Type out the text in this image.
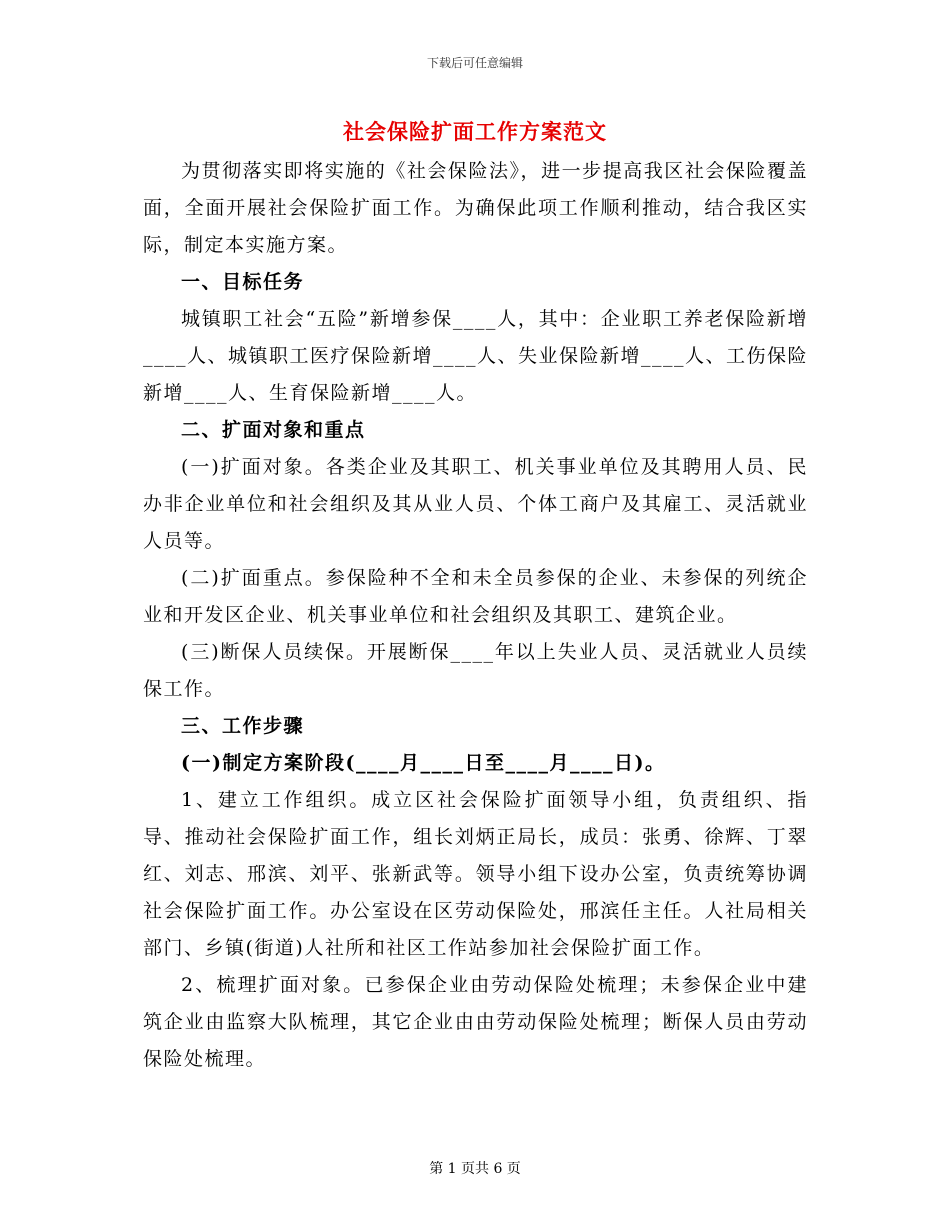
下载后可任意编辑
社会保险扩面工作方案范文

为贯彻落实即将实施的《社会保险法》，进一步提高我区社会保险覆盖面，全面开展社会保险扩面工作。为确保此项工作顺利推动，结合我区实际，制定本实施方案。

一、目标任务

城镇职工社会“五险”新增参保____人，其中：企业职工养老保险新增____人、城镇职工医疗保险新增____人、失业保险新增____人、工伤保险新增____人、生育保险新增____人。

二、扩面对象和重点

(一)扩面对象。各类企业及其职工、机关事业单位及其聘用人员、民办非企业单位和社会组织及其从业人员、个体工商户及其雇工、灵活就业人员等。

(二)扩面重点。参保险种不全和未全员参保的企业、未参保的列统企业和开发区企业、机关事业单位和社会组织及其职工、建筑企业。

(三)断保人员续保。开展断保____年以上失业人员、灵活就业人员续保工作。

三、工作步骤

(一)制定方案阶段(____月____日至____月____日)。

1、建立工作组织。成立区社会保险扩面领导小组，负责组织、指导、推动社会保险扩面工作，组长刘炳正局长，成员：张勇、徐辉、丁翠红、刘志、邢滨、刘平、张新武等。领导小组下设办公室，负责统筹协调社会保险扩面工作。办公室设在区劳动保险处，邢滨任主任。人社局相关部门、乡镇(街道)人社所和社区工作站参加社会保险扩面工作。

2、梳理扩面对象。已参保企业由劳动保险处梳理；未参保企业中建筑企业由监察大队梳理，其它企业由由劳动保险处梳理；断保人员由劳动保险处梳理。

第 1 页共 6 页
